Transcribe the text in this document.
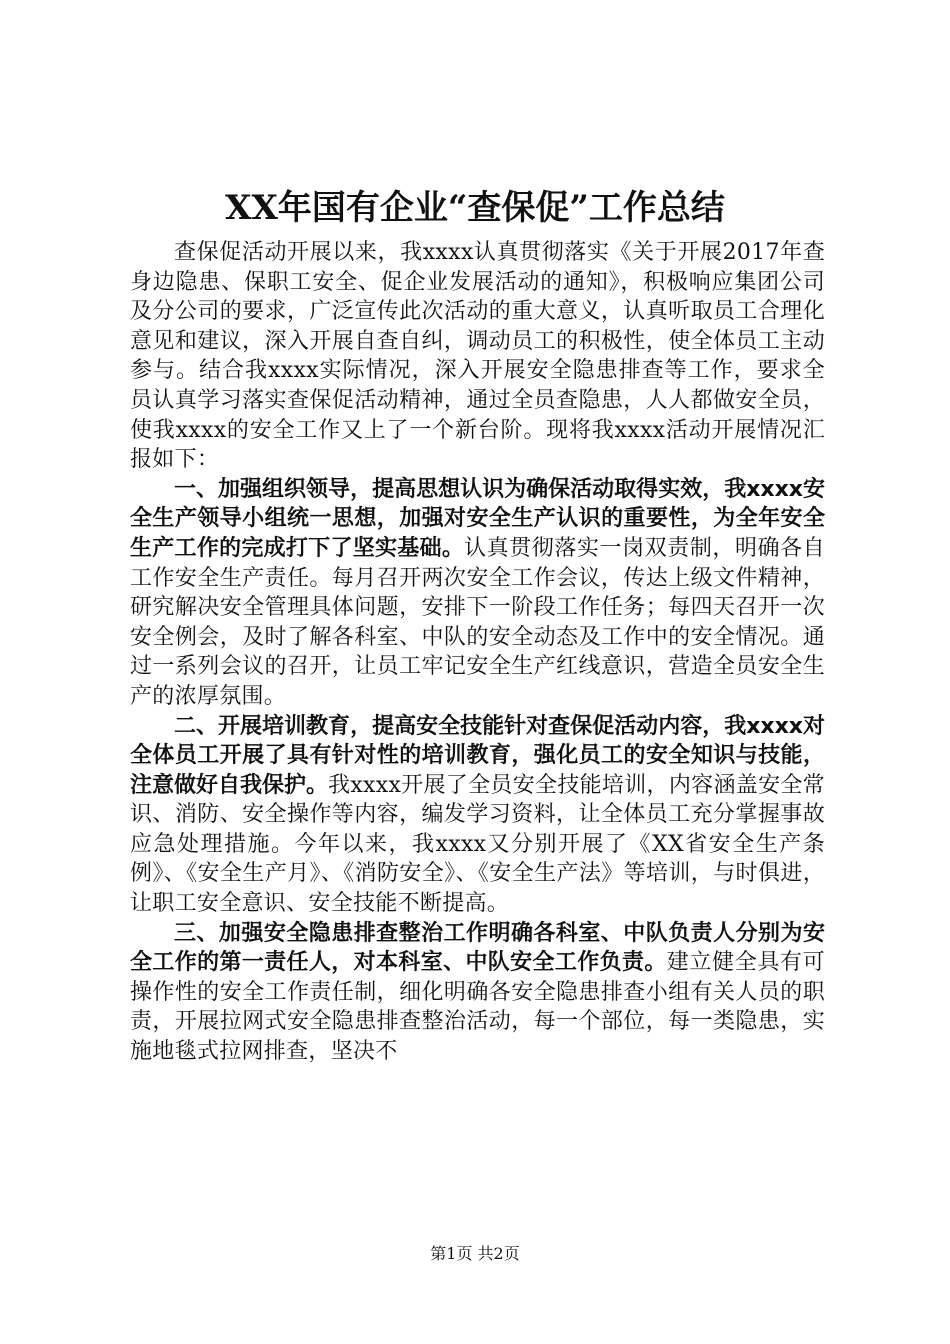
XX年国有企业“查保促”工作总结

查保促活动开展以来，我xxxx认真贯彻落实《关于开展2017年查身边隐患、保职工安全、促企业发展活动的通知》，积极响应集团公司及分公司的要求，广泛宣传此次活动的重大意义，认真听取员工合理化意见和建议，深入开展自查自纠，调动员工的积极性，使全体员工主动参与。结合我xxxx实际情况，深入开展安全隐患排查等工作，要求全员认真学习落实查保促活动精神，通过全员查隐患，人人都做安全员，使我xxxx的安全工作又上了一个新台阶。现将我xxxx活动开展情况汇报如下：

一、加强组织领导，提高思想认识为确保活动取得实效，我xxxx安全生产领导小组统一思想，加强对安全生产认识的重要性，为全年安全生产工作的完成打下了坚实基础。认真贯彻落实一岗双责制，明确各自工作安全生产责任。每月召开两次安全工作会议，传达上级文件精神，研究解决安全管理具体问题，安排下一阶段工作任务；每四天召开一次安全例会，及时了解各科室、中队的安全动态及工作中的安全情况。通过一系列会议的召开，让员工牢记安全生产红线意识，营造全员安全生产的浓厚氛围。

二、开展培训教育，提高安全技能针对查保促活动内容，我xxxx对全体员工开展了具有针对性的培训教育，强化员工的安全知识与技能，注意做好自我保护。我xxxx开展了全员安全技能培训，内容涵盖安全常识、消防、安全操作等内容，编发学习资料，让全体员工充分掌握事故应急处理措施。今年以来，我xxxx又分别开展了《XX省安全生产条例》、《安全生产月》、《消防安全》、《安全生产法》等培训，与时俱进，让职工安全意识、安全技能不断提高。

三、加强安全隐患排查整治工作明确各科室、中队负责人分别为安全工作的第一责任人，对本科室、中队安全工作负责。建立健全具有可操作性的安全工作责任制，细化明确各安全隐患排查小组有关人员的职责，开展拉网式安全隐患排查整治活动，每一个部位，每一类隐患，实施地毯式拉网排查，坚决不

第1页 共2页
